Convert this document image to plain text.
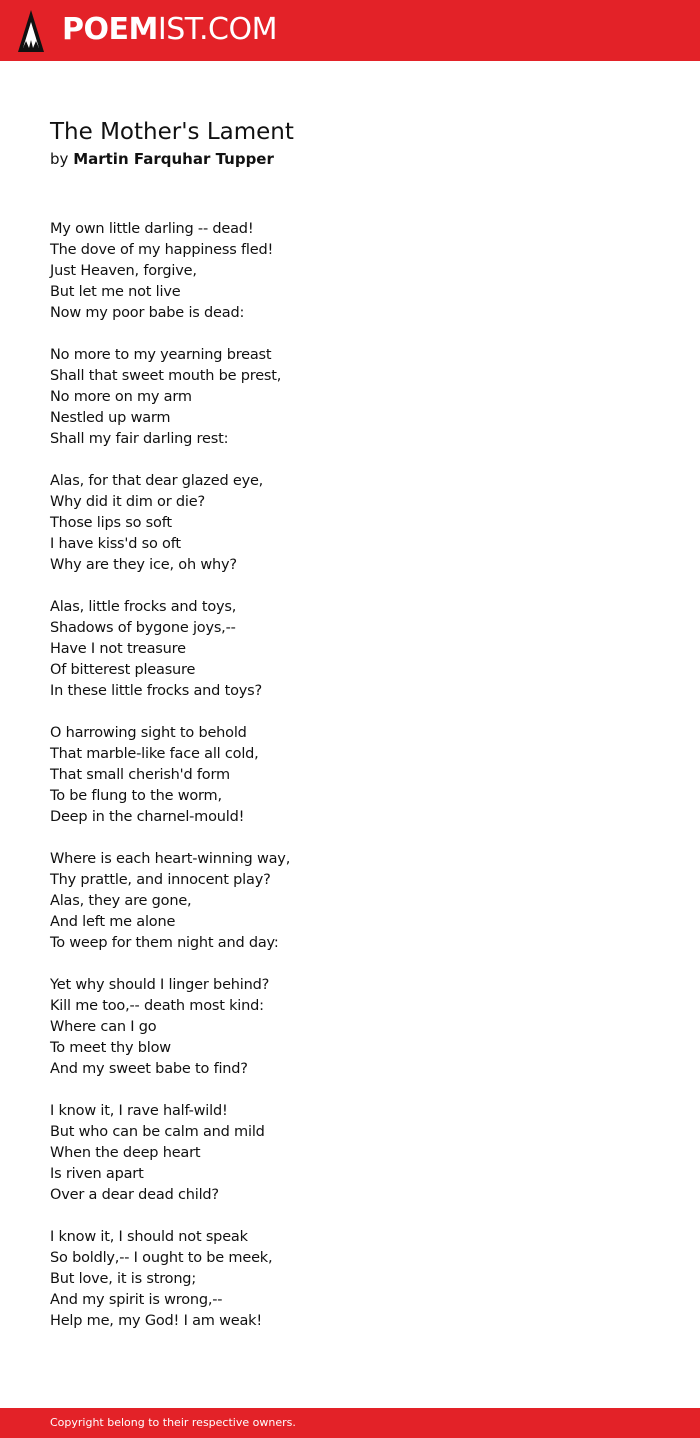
POEMIST.COM
The Mother's Lament
by Martin Farquhar Tupper
My own little darling -- dead!
The dove of my happiness fled!
Just Heaven, forgive,
But let me not live
Now my poor babe is dead:
No more to my yearning breast
Shall that sweet mouth be prest,
No more on my arm
Nestled up warm
Shall my fair darling rest:
Alas, for that dear glazed eye,
Why did it dim or die?
Those lips so soft
I have kiss'd so oft
Why are they ice, oh why?
Alas, little frocks and toys,
Shadows of bygone joys,--
Have I not treasure
Of bitterest pleasure
In these little frocks and toys?
O harrowing sight to behold
That marble-like face all cold,
That small cherish'd form
To be flung to the worm,
Deep in the charnel-mould!
Where is each heart-winning way,
Thy prattle, and innocent play?
Alas, they are gone,
And left me alone
To weep for them night and day:
Yet why should I linger behind?
Kill me too,-- death most kind:
Where can I go
To meet thy blow
And my sweet babe to find?
I know it, I rave half-wild!
But who can be calm and mild
When the deep heart
Is riven apart
Over a dear dead child?
I know it, I should not speak
So boldly,-- I ought to be meek,
But love, it is strong;
And my spirit is wrong,--
Help me, my God! I am weak!
Copyright belong to their respective owners.
